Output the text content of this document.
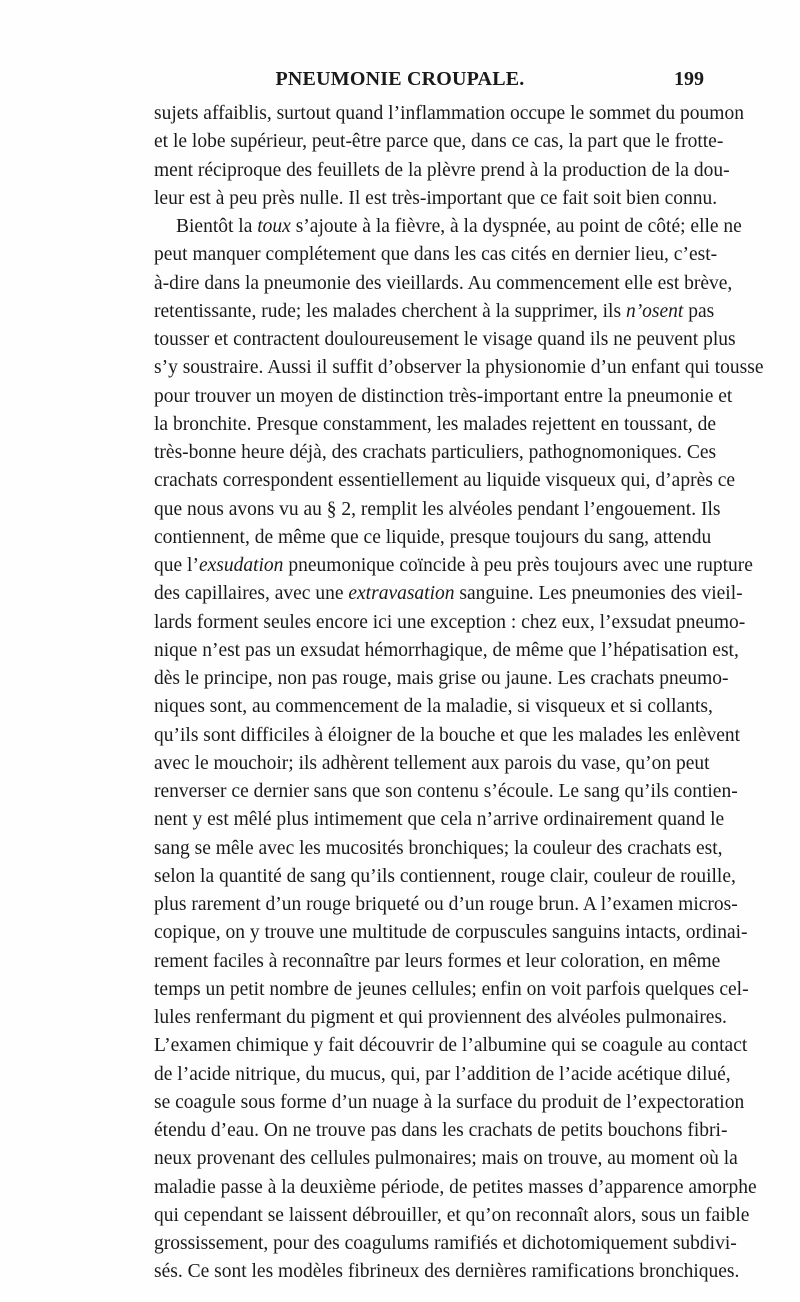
PNEUMONIE CROUPALE.	199
sujets affaiblis, surtout quand l’inflammation occupe le sommet du poumon
et le lobe supérieur, peut-être parce que, dans ce cas, la part que le frotte-
ment réciproque des feuillets de la plèvre prend à la production de la dou-
leur est à peu près nulle. Il est très-important que ce fait soit bien connu.
Bientôt la toux s’ajoute à la fièvre, à la dyspnée, au point de côté; elle ne
peut manquer complétement que dans les cas cités en dernier lieu, c’est-
à-dire dans la pneumonie des vieillards. Au commencement elle est brève,
retentissante, rude; les malades cherchent à la supprimer, ils n’osent pas
tousser et contractent douloureusement le visage quand ils ne peuvent plus
s’y soustraire. Aussi il suffit d’observer la physionomie d’un enfant qui tousse
pour trouver un moyen de distinction très-important entre la pneumonie et
la bronchite. Presque constamment, les malades rejettent en toussant, de
très-bonne heure déjà, des crachats particuliers, pathognomoniques. Ces
crachats correspondent essentiellement au liquide visqueux qui, d’après ce
que nous avons vu au § 2, remplit les alvéoles pendant l’engouement. Ils
contiennent, de même que ce liquide, presque toujours du sang, attendu
que l’exsudation pneumonique coïncide à peu près toujours avec une rupture
des capillaires, avec une extravasation sanguine. Les pneumonies des vieil-
lards forment seules encore ici une exception : chez eux, l’exsudat pneumo-
nique n’est pas un exsudat hémorrhagique, de même que l’hépatisation est,
dès le principe, non pas rouge, mais grise ou jaune. Les crachats pneumo-
niques sont, au commencement de la maladie, si visqueux et si collants,
qu’ils sont difficiles à éloigner de la bouche et que les malades les enlèvent
avec le mouchoir; ils adhèrent tellement aux parois du vase, qu’on peut
renverser ce dernier sans que son contenu s’écoule. Le sang qu’ils contien-
nent y est mêlé plus intimement que cela n’arrive ordinairement quand le
sang se mêle avec les mucosités bronchiques; la couleur des crachats est,
selon la quantité de sang qu’ils contiennent, rouge clair, couleur de rouille,
plus rarement d’un rouge briqueté ou d’un rouge brun. A l’examen micros-
copique, on y trouve une multitude de corpuscules sanguins intacts, ordinai-
rement faciles à reconnaître par leurs formes et leur coloration, en même
temps un petit nombre de jeunes cellules; enfin on voit parfois quelques cel-
lules renfermant du pigment et qui proviennent des alvéoles pulmonaires.
L’examen chimique y fait découvrir de l’albumine qui se coagule au contact
de l’acide nitrique, du mucus, qui, par l’addition de l’acide acétique dilué,
se coagule sous forme d’un nuage à la surface du produit de l’expectoration
étendu d’eau. On ne trouve pas dans les crachats de petits bouchons fibri-
neux provenant des cellules pulmonaires; mais on trouve, au moment où la
maladie passe à la deuxième période, de petites masses d’apparence amorphe
qui cependant se laissent débrouiller, et qu’on reconnaît alors, sous un faible
grossissement, pour des coagulums ramifiés et dichotomiquement subdivi-
sés. Ce sont les modèles fibrineux des dernières ramifications bronchiques.
